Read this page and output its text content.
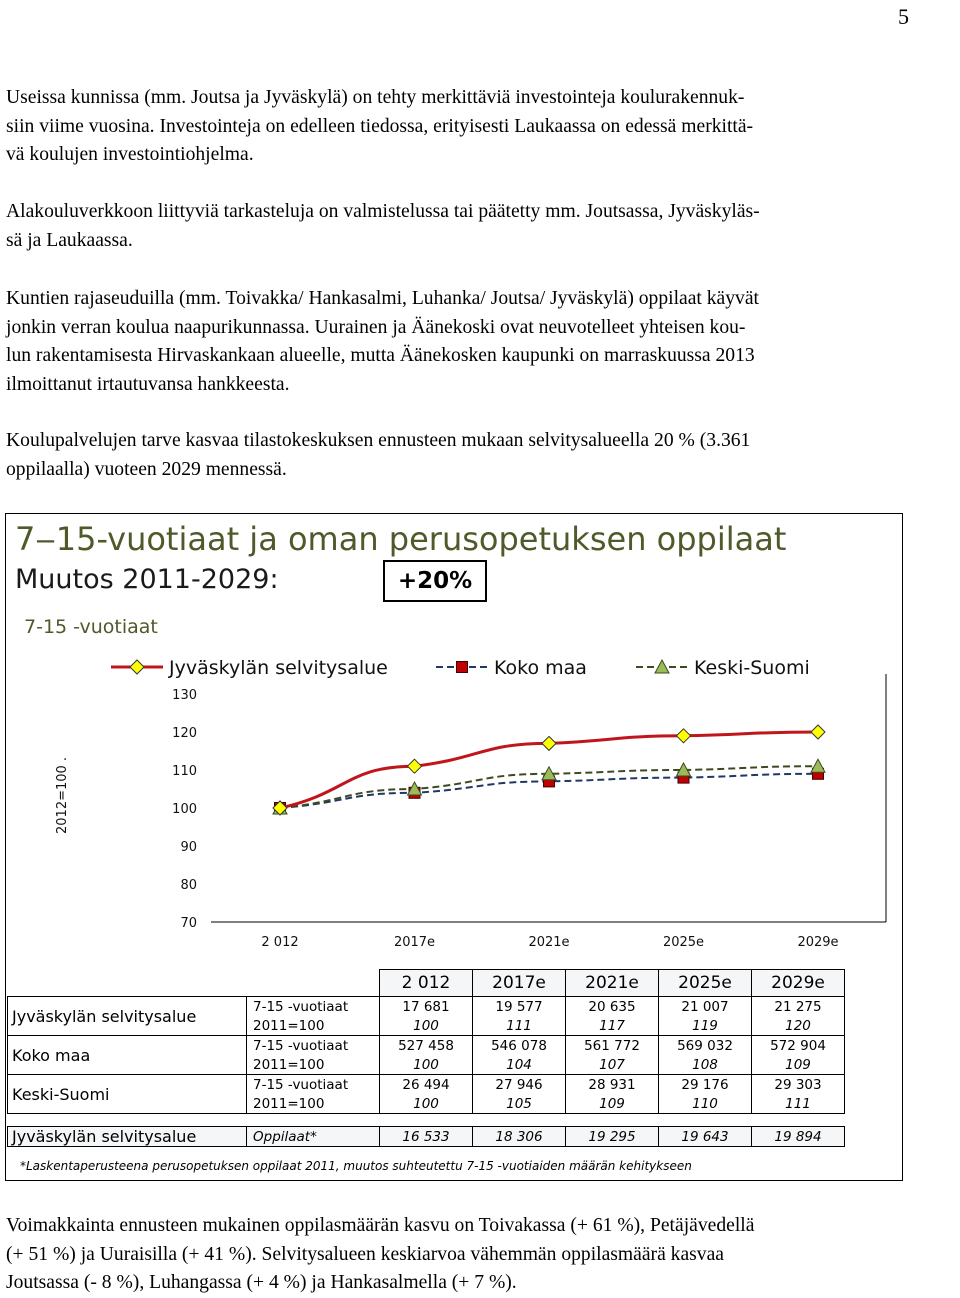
5

Useissa kunnissa (mm. Joutsa ja Jyväskylä) on tehty merkittäviä investointeja koulurakennuk-
siin viime vuosina. Investointeja on edelleen tiedossa, erityisesti Laukaassa on edessä merkittä-
vä koulujen investointiohjelma.

Alakouluverkkoon liittyviä tarkasteluja on valmistelussa tai päätetty mm. Joutsassa, Jyväskyläs-
sä ja Laukaassa.

Kuntien rajaseuduilla (mm. Toivakka/ Hankasalmi, Luhanka/ Joutsa/ Jyväskylä) oppilaat käyvät
jonkin verran koulua naapurikunnassa. Uurainen ja Äänekoski ovat neuvotelleet yhteisen kou-
lun rakentamisesta Hirvaskankaan alueelle, mutta Äänekosken kaupunki on marraskuussa 2013
ilmoittanut irtautuvansa hankkeesta.

Koulupalvelujen tarve kasvaa tilastokeskuksen ennusteen mukaan selvitysalueella 20 % (3.361
oppilaalla) vuoteen 2029 mennessä.

7‒15-vuotiaat ja oman perusopetuksen oppilaat
Muutos 2011-2029:	+20%
7-15 -vuotiaat
Jyväskylän selvitysalue	Koko maa	Keski-Suomi
70
80
90
100
110
120
130
2012=100 .
2 012	2017e	2021e	2025e	2029e
		2 012	2017e	2021e	2025e	2029e
Jyväskylän selvitysalue	7-15 -vuotiaat	17 681	19 577	20 635	21 007	21 275
	2011=100	100	111	117	119	120
Koko maa	7-15 -vuotiaat	527 458	546 078	561 772	569 032	572 904
	2011=100	100	104	107	108	109
Keski-Suomi	7-15 -vuotiaat	26 494	27 946	28 931	29 176	29 303
	2011=100	100	105	109	110	111

Jyväskylän selvitysalue	Oppilaat*	16 533	18 306	19 295	19 643	19 894
*Laskentaperusteena perusopetuksen oppilaat 2011, muutos suhteutettu 7-15 -vuotiaiden määrän kehitykseen

Voimakkainta ennusteen mukainen oppilasmäärän kasvu on Toivakassa (+ 61 %), Petäjävedellä
(+ 51 %) ja Uuraisilla (+ 41 %). Selvitysalueen keskiarvoa vähemmän oppilasmäärä kasvaa
Joutsassa (- 8 %), Luhangassa (+ 4 %) ja Hankasalmella (+ 7 %).
